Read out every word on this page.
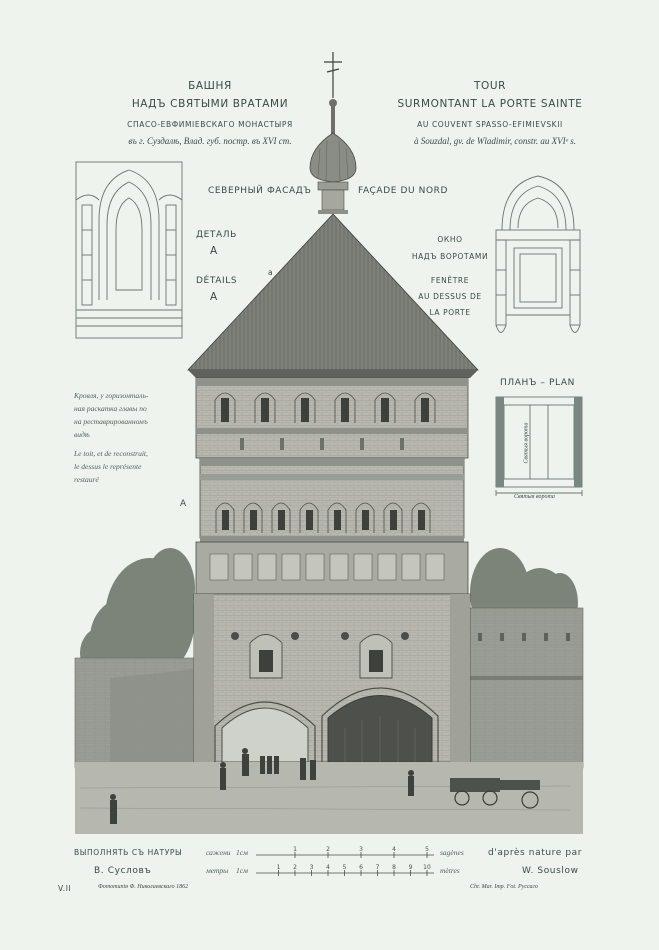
БАШНЯ
НАДЪ СВЯТЫМИ ВРАТАМИ
СПАСО-ЕВФИМІЕВСКАГО МОНАСТЫРЯ
въ г. Суздалѣ, Влад. губ. постр. въ XVI ст.
TOUR
SURMONTANT LA PORTE SAINTE
AU COUVENT SPASSO-EFIMIEVSKII
à Souzdal, gv. de Wladimir, constr. au XVIᵉ s.
СЕВЕРНЫЙ ФАСАДЪ	FAÇADE DU NORD
ДЕТАЛЬ
А
DÉTAILS
A
ОКНО
НАДЪ ВОРОТАМИ
FENÊTRE
AU DESSUS DE
LA PORTE
ПЛАНЪ – PLAN
Кровля, у горизонталь-
ная раскатка главы по
на реставрированномъ
видѣ
Le toit, et de reconstruit,
le dessus le représente
restauré
A
a
Святыя ворота
Святыя ворота
ВЫПОЛНЯТЬ СЪ НАТУРЫ
В. Сусловъ
d'après nature par
W. Souslow
V.II	Фототипія Ф. Николаевскаго 1862	Chr. Mar. Imp. Fot. Руссаго
сажени 1см
метры 1см
sagènes
mètres
1	2	3	4	5
1 2 3 4 5 6 7 8 9 10
